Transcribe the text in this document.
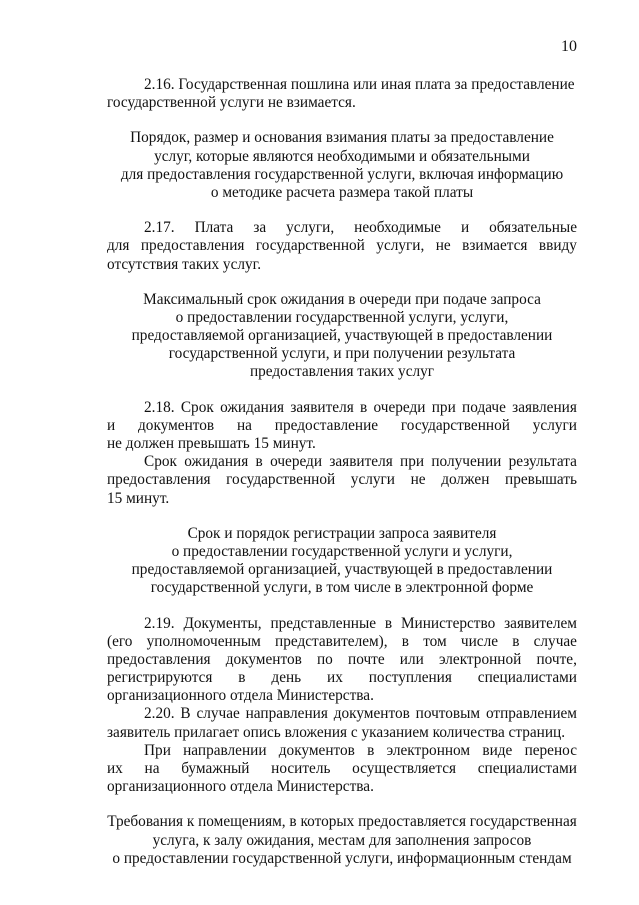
10
2.16. Государственная пошлина или иная плата за предоставление
государственной услуги не взимается.
Порядок, размер и основания взимания платы за предоставление
услуг, которые являются необходимыми и обязательными
для предоставления государственной услуги, включая информацию
о методике расчета размера такой платы
2.17. Плата за услуги, необходимые и обязательные
для предоставления государственной услуги, не взимается ввиду
отсутствия таких услуг.
Максимальный срок ожидания в очереди при подаче запроса
о предоставлении государственной услуги, услуги,
предоставляемой организацией, участвующей в предоставлении
государственной услуги, и при получении результата
предоставления таких услуг
2.18. Срок ожидания заявителя в очереди при подаче заявления
и документов на предоставление государственной услуги
не должен превышать 15 минут.
Срок ожидания в очереди заявителя при получении результата
предоставления государственной услуги не должен превышать
15 минут.
Срок и порядок регистрации запроса заявителя
о предоставлении государственной услуги и услуги,
предоставляемой организацией, участвующей в предоставлении
государственной услуги, в том числе в электронной форме
2.19. Документы, представленные в Министерство заявителем
(его уполномоченным представителем), в том числе в случае
предоставления документов по почте или электронной почте,
регистрируются в день их поступления специалистами
организационного отдела Министерства.
2.20. В случае направления документов почтовым отправлением
заявитель прилагает опись вложения с указанием количества страниц.
При направлении документов в электронном виде перенос
их на бумажный носитель осуществляется специалистами
организационного отдела Министерства.
Требования к помещениям, в которых предоставляется государственная
услуга, к залу ожидания, местам для заполнения запросов
о предоставлении государственной услуги, информационным стендам
